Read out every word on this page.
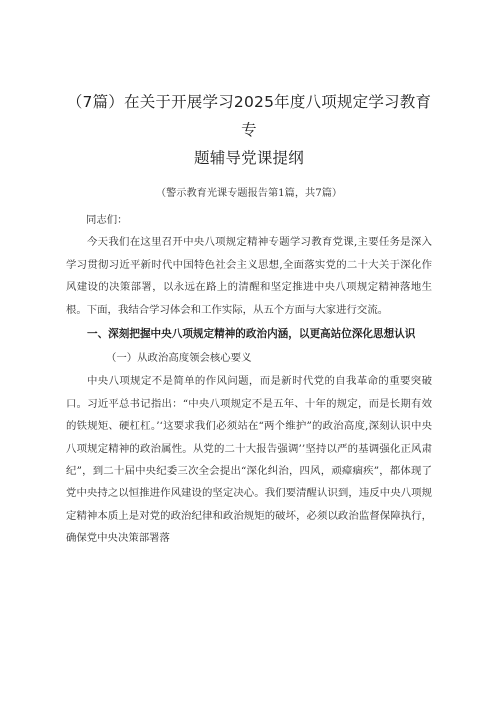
（7篇）在关于开展学习2025年度八项规定学习教育专
题辅导党课提纲

（警示教育光课专题报告第1篇，共7篇）

同志们：

今天我们在这里召开中央八项规定精神专题学习教育党课,主要任务是深入学习贯彻习近平新时代中国特色社会主义思想,全面落实党的二十大关于深化作风建设的决策部署，以永远在路上的清醒和坚定推进中央八项规定精神落地生根。下面，我结合学习体会和工作实际，从五个方面与大家进行交流。

一、深刻把握中央八项规定精神的政治内涵，以更高站位深化思想认识

（一）从政治高度领会核心要义

中央八项规定不是简单的作风问题，而是新时代党的自我革命的重要突破口。习近平总书记指出：“中央八项规定不是五年、十年的规定，而是长期有效的铁规矩、硬杠杠。’‘这要求我们必须站在“两个维护”的政治高度,深刻认识中央八项规定精神的政治属性。从党的二十大报告强调’’坚持以严的基调强化正风肃纪”，到二十届中央纪委三次全会提出“深化纠治，四风，顽瘴痼疾”，都体现了党中央持之以恒推进作风建设的坚定决心。我们要清醒认识到，违反中央八项规定精神本质上是对党的政治纪律和政治规矩的破坏，必须以政治监督保障执行，确保党中央决策部署落
